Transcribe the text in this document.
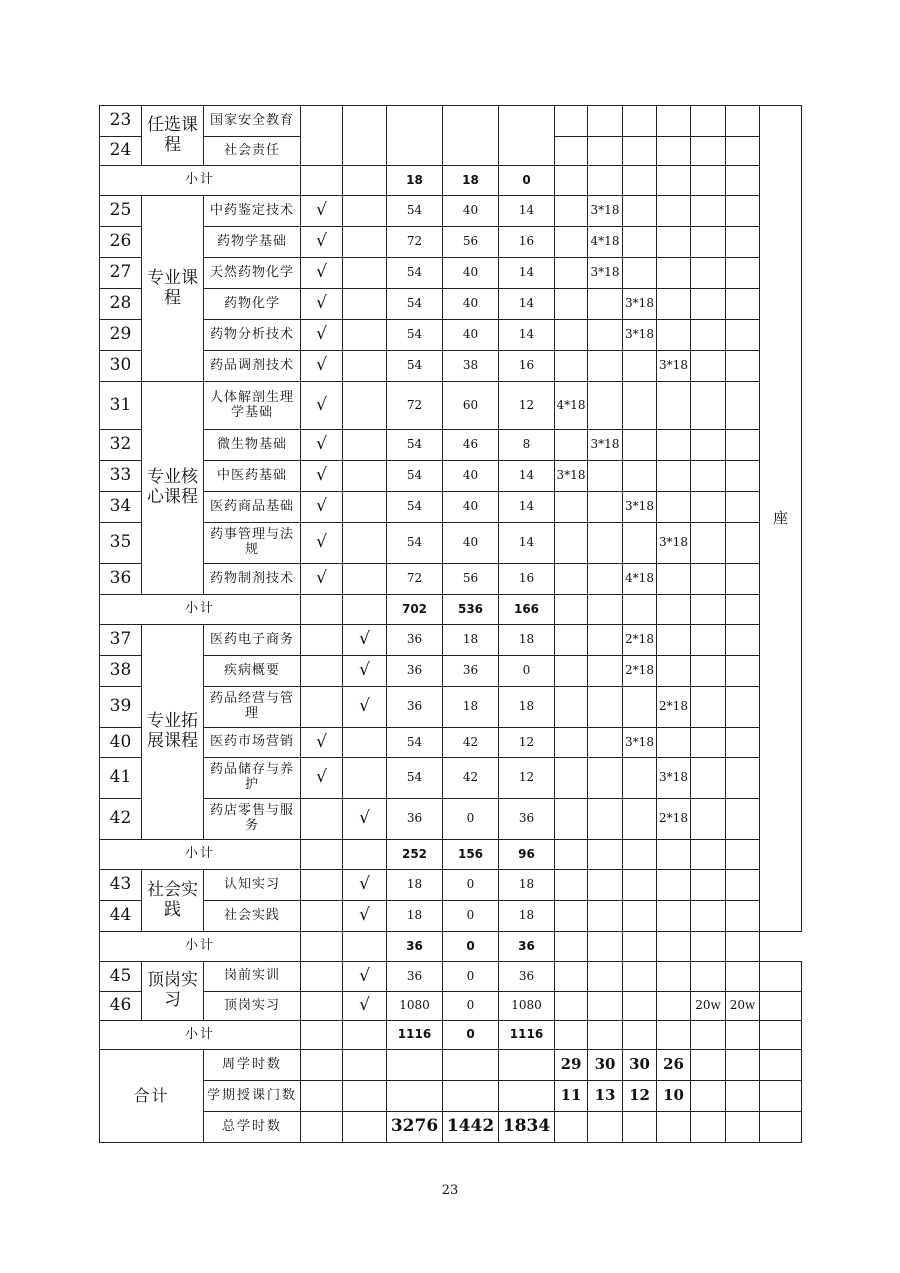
23	任选课程	国家安全教育												座
24		社会责任												
小计					18	18	0							
25	专业课程	中药鉴定技术	√		54	40	14		3*18					
26		药物学基础	√		72	56	16		4*18					
27		天然药物化学	√		54	40	14		3*18					
28		药物化学	√		54	40	14			3*18				
29		药物分析技术	√		54	40	14			3*18				
30		药品调剂技术	√		54	38	16				3*18			
31	专业核心课程	人体解剖生理学基础	√		72	60	12	4*18						
32		微生物基础	√		54	46	8		3*18					
33		中医药基础	√		54	40	14	3*18						
34		医药商品基础	√		54	40	14			3*18				
35		药事管理与法规	√		54	40	14				3*18			
36		药物制剂技术	√		72	56	16			4*18				
小计					702	536	166							
37	专业拓展课程	医药电子商务		√	36	18	18			2*18				
38		疾病概要		√	36	36	0			2*18				
39		药品经营与管理		√	36	18	18				2*18			
40		医药市场营销	√		54	42	12			3*18				
41		药品储存与养护	√		54	42	12				3*18			
42		药店零售与服务		√	36	0	36				2*18			
小计					252	156	96							
43	社会实践	认知实习		√	18	0	18							
44		社会实践		√	18	0	18							
小计					36	0	36							
45	顶岗实习	岗前实训		√	36	0	36							
46		顶岗实习		√	1080	0	1080					20w	20w	
小计					1116	0	1116							
合计		周学时数						29	30	30	26			
		学期授课门数						11	13	12	10			
		总学时数			3276	1442	1834							
23
